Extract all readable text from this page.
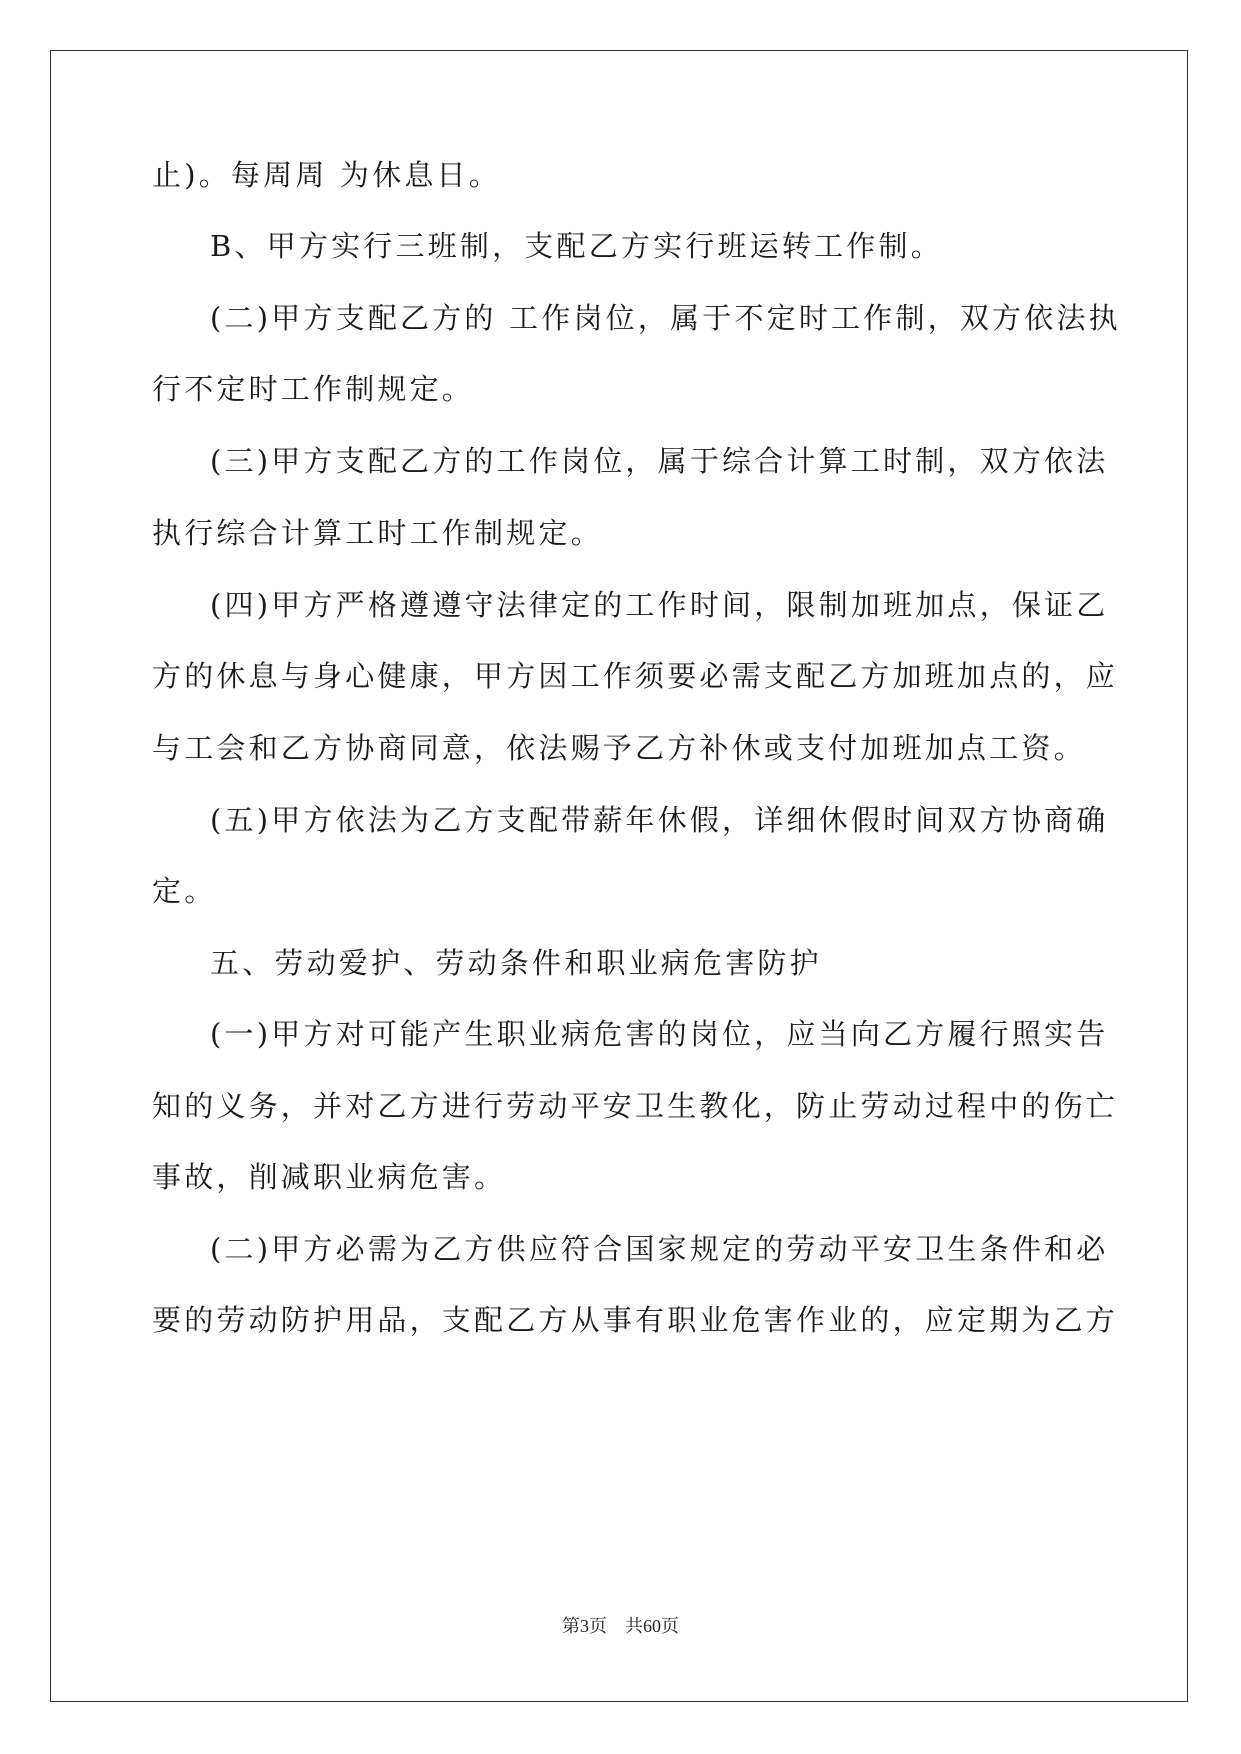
止)。每周周 为休息日。

B、甲方实行三班制，支配乙方实行班运转工作制。

(二)甲方支配乙方的 工作岗位，属于不定时工作制，双方依法执

行不定时工作制规定。

(三)甲方支配乙方的工作岗位，属于综合计算工时制，双方依法

执行综合计算工时工作制规定。

(四)甲方严格遵遵守法律定的工作时间，限制加班加点，保证乙

方的休息与身心健康，甲方因工作须要必需支配乙方加班加点的，应

与工会和乙方协商同意，依法赐予乙方补休或支付加班加点工资。

(五)甲方依法为乙方支配带薪年休假，详细休假时间双方协商确

定。

五、劳动爱护、劳动条件和职业病危害防护

(一)甲方对可能产生职业病危害的岗位，应当向乙方履行照实告

知的义务，并对乙方进行劳动平安卫生教化，防止劳动过程中的伤亡

事故，削减职业病危害。

(二)甲方必需为乙方供应符合国家规定的劳动平安卫生条件和必

要的劳动防护用品，支配乙方从事有职业危害作业的，应定期为乙方

第3页 共60页
